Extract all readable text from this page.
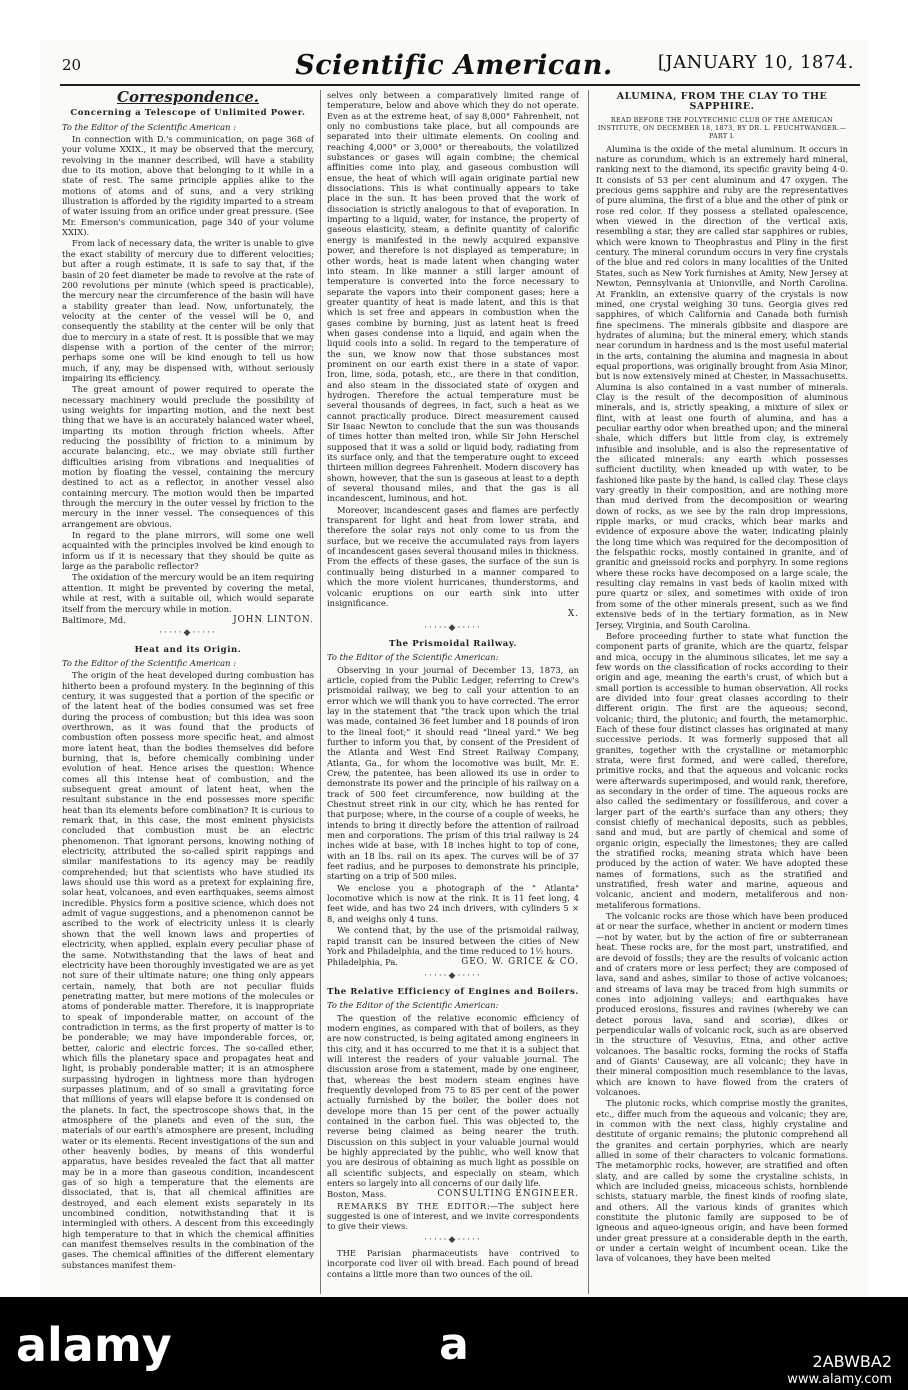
20	Scientific American.	[JANUARY 10, 1874.
Correspondence.
Concerning a Telescope of Unlimited Power.
To the Editor of the Scientific American :

In connection with D.'s communication, on page 368 of your volume XXIX., it may be observed that the mercury, revolving in the manner described, will have a stability due to its motion, above that belonging to it while in a state of rest. The same principle applies alike to the motions of atoms and of suns, and a very striking illustration is afforded by the rigidity imparted to a stream of water issuing from an orifice under great pressure. (See Mr. Emerson's communication, page 340 of your volume XXIX).

From lack of necessary data, the writer is unable to give the exact stability of mercury due to different velocities; but after a rough estimate, it is safe to say that, if the basin of 20 feet diameter be made to revolve at the rate of 200 revolutions per minute (which speed is practicable), the mercury near the circumference of the basin will have a stability greater than lead. Now, unfortunately, the velocity at the center of the vessel will be 0, and consequently the stability at the center will be only that due to mercury in a state of rest. It is possible that we may dispense with a portion of the center of the mirror; perhaps some one will be kind enough to tell us how much, if any, may be dispensed with, without seriously impairing its efficiency.

The great amount of power required to operate the necessary machinery would preclude the possibility of using weights for imparting motion, and the next best thing that we have is an accurately balanced water wheel, imparting its motion through friction wheels. After reducing the possibility of friction to a minimum by accurate balancing, etc., we may obviate still further difficulties arising from vibrations and inequalities of motion by floating the vessel, containing the mercury destined to act as a reflector, in another vessel also containing mercury. The motion would then be imparted through the mercury in the outer vessel by friction to the mercury in the inner vessel. The consequences of this arrangement are obvious.

In regard to the plane mirrors, will some one well acquainted with the principles involved be kind enough to inform us if it is necessary that they should be quite as large as the parabolic reflector?

The oxidation of the mercury would be an item requiring attention. It might be prevented by covering the metal, while at rest, with a suitable oil, which would separate itself from the mercury while in motion.

Baltimore, Md.	JOHN LINTON.
·····◆·····
Heat and its Origin.
To the Editor of the Scientific American :

The origin of the heat developed during combustion has hitherto been a profound mystery. In the beginning of this century, it was suggested that a portion of the specific or of the latent heat of the bodies consumed was set free during the process of combustion; but this idea was soon overthrown, as it was found that the products of combustion often possess more specific heat, and almost more latent heat, than the bodies themselves did before burning, that is, before chemically combining under evolution of heat. Hence arises the question: Whence comes all this intense heat of combustion, and the subsequent great amount of latent heat, when the resultant substance in the end possesses more specific heat than its elements before combination? It is curious to remark that, in this case, the most eminent physicists concluded that combustion must be an electric phenomenon. That ignorant persons, knowing nothing of electricity, attributed the so-called spirit rappings and similar manifestations to its agency may be readily comprehended; but that scientists who have studied its laws should use this word as a pretext for explaining fire, solar heat, volcanoes, and even earthquakes, seems almost incredible. Physics form a positive science, which does not admit of vague suggestions, and a phenomenon cannot be ascribed to the work of electricity unless it is clearly shown that the well known laws and properties of electricity, when applied, explain every peculiar phase of the same. Notwithstanding that the laws of heat and electricity have been thoroughly investigated we are as yet not sure of their ultimate nature; one thing only appears certain, namely, that both are not peculiar fluids penetrating matter, but mere motions of the molecules or atoms of ponderable matter. Therefore, it is inappropriate to speak of imponderable matter, on account of the contradiction in terms, as the first property of matter is to be ponderable; we may have imponderable forces, or, better, caloric and electric forces. The so-called ether, which fills the planetary space and propagates heat and light, is probably ponderable matter; it is an atmosphere surpassing hydrogen in lightness more than hydrogen surpasses platinum, and of so small a gravitating force that millions of years will elapse before it is condensed on the planets. In fact, the spectroscope shows that, in the atmosphere of the planets and even of the sun, the materials of our earth's atmosphere are present, including water or its elements. Recent investigations of the sun and other heavenly bodies, by means of this wonderful apparatus, have besides revealed the fact that all matter may be in a more than gaseous condition, incandescent gas of so high a temperature that the elements are dissociated, that is, that all chemical affinities are destroyed, and each element exists separately in its uncombined condition, notwithstanding that it is intermingled with others. A descent from this exceedingly high temperature to that in which the chemical affinities can manifest themselves results in the combination of the gases. The chemical affinities of the different elementary substances manifest them-

selves only between a comparatively limited range of temperature, below and above which they do not operate. Even as at the extreme heat, of say 8,000° Fahrenheit, not only no combustions take place, but all compounds are separated into their ultimate elements. On cooling and reaching 4,000° or 3,000° or thereabouts, the volatilized substances or gases will again combine; the chemical affinities come into play, and gaseous combustion will ensue, the heat of which will again originate partial new dissociations. This is what continually appears to take place in the sun. It has been proved that the work of dissociation is strictly analogous to that of evaporation. In imparting to a liquid, water, for instance, the property of gaseous elasticity, steam, a definite quantity of calorific energy is manifested in the newly acquired expansive power, and therefore is not displayed as temperature; in other words, heat is made latent when changing water into steam. In like manner a still larger amount of temperature is converted into the force necessary to separate the vapors into their component gases; here a greater quantity of heat is made latent, and this is that which is set free and appears in combustion when the gases combine by burning, just as latent heat is freed when gases condense into a liquid, and again when the liquid cools into a solid. In regard to the temperature of the sun, we know now that those substances most prominent on our earth exist there in a state of vapor. Iron, lime, soda, potash, etc., are there in that condition, and also steam in the dissociated state of oxygen and hydrogen. Therefore the actual temperature must be several thousands of degrees, in fact, such a heat as we cannot practically produce. Direct measurement caused Sir Isaac Newton to conclude that the sun was thousands of times hotter than melted iron, while Sir John Herschel supposed that it was a solid or liquid body, radiating from its surface only, and that the temperature ought to exceed thirteen million degrees Fahrenheit. Modern discovery has shown, however, that the sun is gaseous at least to a depth of several thousand miles, and that the gas is all incandescent, luminous, and hot.

Moreover, incandescent gases and flames are perfectly transparent for light and heat from lower strata, and therefore the solar rays not only come to us from the surface, but we receive the accumulated rays from layers of incandescent gases several thousand miles in thickness. From the effects of these gases, the surface of the sun is continually being disturbed in a manner compared to which the more violent hurricanes, thunderstorms, and volcanic eruptions on our earth sink into utter insignificance.

X.
·····◆·····
The Prismoidal Railway.
To the Editor of the Scientific American:

Observing in your journal of December 13, 1873, an article, copied from the Public Ledger, referring to Crew's prismoidal railway, we beg to call your attention to an error which we will thank you to have corrected. The error lay in the statement that "the track upon which the trial was made, contained 36 feet lumber and 18 pounds of iron to the lineal foot;" it should read "lineal yard." We beg further to inform you that, by consent of the President of the Atlanta and West End Street Railway Company, Atlanta, Ga., for whom the locomotive was built, Mr. E. Crew, the patentee, has been allowed its use in order to demonstrate its power and the principle of his railway on a track of 500 feet circumference, now building at the Chestnut street rink in our city, which he has rented for that purpose; where, in the course of a couple of weeks, he intends to bring it directly before the attention of railroad men and corporations. The prism of this trial railway is 24 inches wide at base, with 18 inches hight to top of cone, with an 18 lbs. rail on its apex. The curves will be of 37 feet radius, and he purposes to demonstrate his principle, starting on a trip of 500 miles.

We enclose you a photograph of the " Atlanta" locomotive which is now at the rink. It is 11 feet long, 4 feet wide, and has two 24 inch drivers, with cylinders 5 × 8, and weighs only 4 tuns.

We contend that, by the use of the prismoidal railway, rapid transit can be insured between the cities of New York and Philadelphia, and the time reduced to 1½ hours.

Philadelphia, Pa.	GEO. W. GRICE & CO.
·····◆·····
The Relative Efficiency of Engines and Boilers.
To the Editor of the Scientific American:

The question of the relative economic efficiency of modern engines, as compared with that of boilers, as they are now constructed, is being agitated among engineers in this city, and it has occurred to me that it is a subject that will interest the readers of your valuable journal. The discussion arose from a statement, made by one engineer, that, whereas the best modern steam engines have frequently developed from 75 to 85 per cent of the power actually furnished by the boiler, the boiler does not develope more than 15 per cent of the power actually contained in the carbon fuel. This was objected to, the reverse being claimed as being nearer the truth. Discussion on this subject in your valuable journal would be highly appreciated by the public, who well know that you are desirous of obtaining as much light as possible on all scientific subjects, and especially on steam, which enters so largely into all concerns of our daily life.

Boston, Mass.	CONSULTING ENGINEER.

REMARKS BY THE EDITOR:—The subject here suggested is one of interest, and we invite correspondents to give their views.

·····◆·····

THE Parisian pharmaceutists have contrived to incorporate cod liver oil with bread. Each pound of bread contains a little more than two ounces of the oil.

ALUMINA, FROM THE CLAY TO THE SAPPHIRE.
READ BEFORE THE POLYTECHNIC CLUB OF THE AMERICAN INSTITUTE, ON DECEMBER 18, 1873, BY DR. L. FEUCHTWANGER.—PART I.

Alumina is the oxide of the metal aluminum. It occurs in nature as corundum, which is an extremely hard mineral, ranking next to the diamond, its specific gravity being 4·0. It consists of 53 per cent aluminum and 47 oxygen. The precious gems sapphire and ruby are the representatives of pure alumina, the first of a blue and the other of pink or rose red color. If they possess a stellated opalescence, when viewed in the direction of the vertical axis, resembling a star, they are called star sapphires or rubies, which were known to Theophrastus and Pliny in the first century. The mineral corundum occurs in very fine crystals of the blue and red colors in many localities of the United States, such as New York furnishes at Amity, New Jersey at Newton, Pennsylvania at Unionville, and North Carolina. At Franklin, an extensive quarry of the crystals is now mined, one crystal weighing 30 tuns. Georgia gives red sapphires, of which California and Canada both furnish fine specimens. The minerals gibbsite and diaspore are hydrates of alumina; but the mineral emery, which stands near corundum in hardness and is the most useful material in the arts, containing the alumina and magnesia in about equal proportions, was originally brought from Asia Minor, but is now extensively mined at Chester, in Massachusetts. Alumina is also contained in a vast number of minerals. Clay is the result of the decomposition of aluminous minerals, and is, strictly speaking, a mixture of silex or flint, with at least one fourth of alumina, and has a peculiar earthy odor when breathed upon; and the mineral shale, which differs but little from clay, is extremely infusible and insoluble, and is also the representative of the silicated minerals: any earth which possesses sufficient ductility, when kneaded up with water, to be fashioned like paste by the hand, is called clay. These clays vary greatly in their composition, and are nothing more than mud derived from the decomposition or wearing down of rocks, as we see by the rain drop impressions, ripple marks, or mud cracks, which bear marks and evidence of exposure above the water, indicating plainly the long time which was required for the decomposition of the felspathic rocks, mostly contained in granite, and of granitic and gneissoid rocks and porphyry. In some regions where these rocks have decomposed on a large scale, the resulting clay remains in vast beds of kaolin mixed with pure quartz or silex, and sometimes with oxide of iron from some of the other minerals present, such as we find extensive beds of in the tertiary formation, as in New Jersey, Virginia, and South Carolina.

Before proceeding further to state what function the component parts of granite, which are the quartz, felspar and mica, occupy in the aluminous silicates, let me say a few words on the classification of rocks according to their origin and age, meaning the earth's crust, of which but a small portion is accessible to human observation. All rocks are divided into four great classes according to their different origin. The first are the aqueous; second, volcanic; third, the plutonic; and fourth, the metamorphic. Each of these four distinct classes has originated at many successive periods. It was formerly supposed that all granites, together with the crystalline or metamorphic strata, were first formed, and were called, therefore, primitive rocks, and that the aqueous and volcanic rocks were afterwards superimposed, and would rank, therefore, as secondary in the order of time. The aqueous rocks are also called the sedimentary or fossiliferous, and cover a larger part of the earth's surface than any others; they consist chiefly of mechanical deposits, such as pebbles, sand and mud, but are partly of chemical and some of organic origin, especially the limestones; they are called the stratified rocks, meaning strata which have been produced by the action of water. We have adopted these names of formations, such as the stratified and unstratified, fresh water and marine, aqueous and volcanic, ancient and modern, metaliferous and non-metaliferous formations.

The volcanic rocks are those which have been produced at or near the surface, whether in ancient or modern times—not by water, but by the action of fire or subterranean heat. These rocks are, for the most part, unstratified, and are devoid of fossils; they are the results of volcanic action and of craters more or less perfect; they are composed of lava, sand and ashes, similar to those of active volcanoes; and streams of lava may be traced from high summits or cones into adjoining valleys; and earthquakes have produced erosions, fissures and ravines (whereby we can detect porous lava, sand and scoriæ), dikes or perpendicular walls of volcanic rock, such as are observed in the structure of Vesuvius, Etna, and other active volcanoes. The basaltic rocks, forming the rocks of Staffa and of Giants' Causeway, are all volcanic; they have in their mineral composition much resemblance to the lavas, which are known to have flowed from the craters of volcanoes.

The plutonic rocks, which comprise mostly the granites, etc., differ much from the aqueous and volcanic; they are, in common with the next class, highly crystaline and destitute of organic remains; the plutonic comprehend all the granites and certain porphyries, which are nearly allied in some of their characters to volcanic formations. The metamorphic rocks, however, are stratified and often slaty, and are called by some the crystaline schists, in which are included gneiss, micaceous schists, hornblende schists, statuary marble, the finest kinds of roofing slate, and others. All the various kinds of granites which constitute the plutonic family are supposed to be of igneous and aqueo-igneous origin, and have been formed under great pressure at a considerable depth in the earth, or under a certain weight of incumbent ocean. Like the lava of volcanoes, they have been melted

alamy	a	2ABWBA2
www.alamy.com
